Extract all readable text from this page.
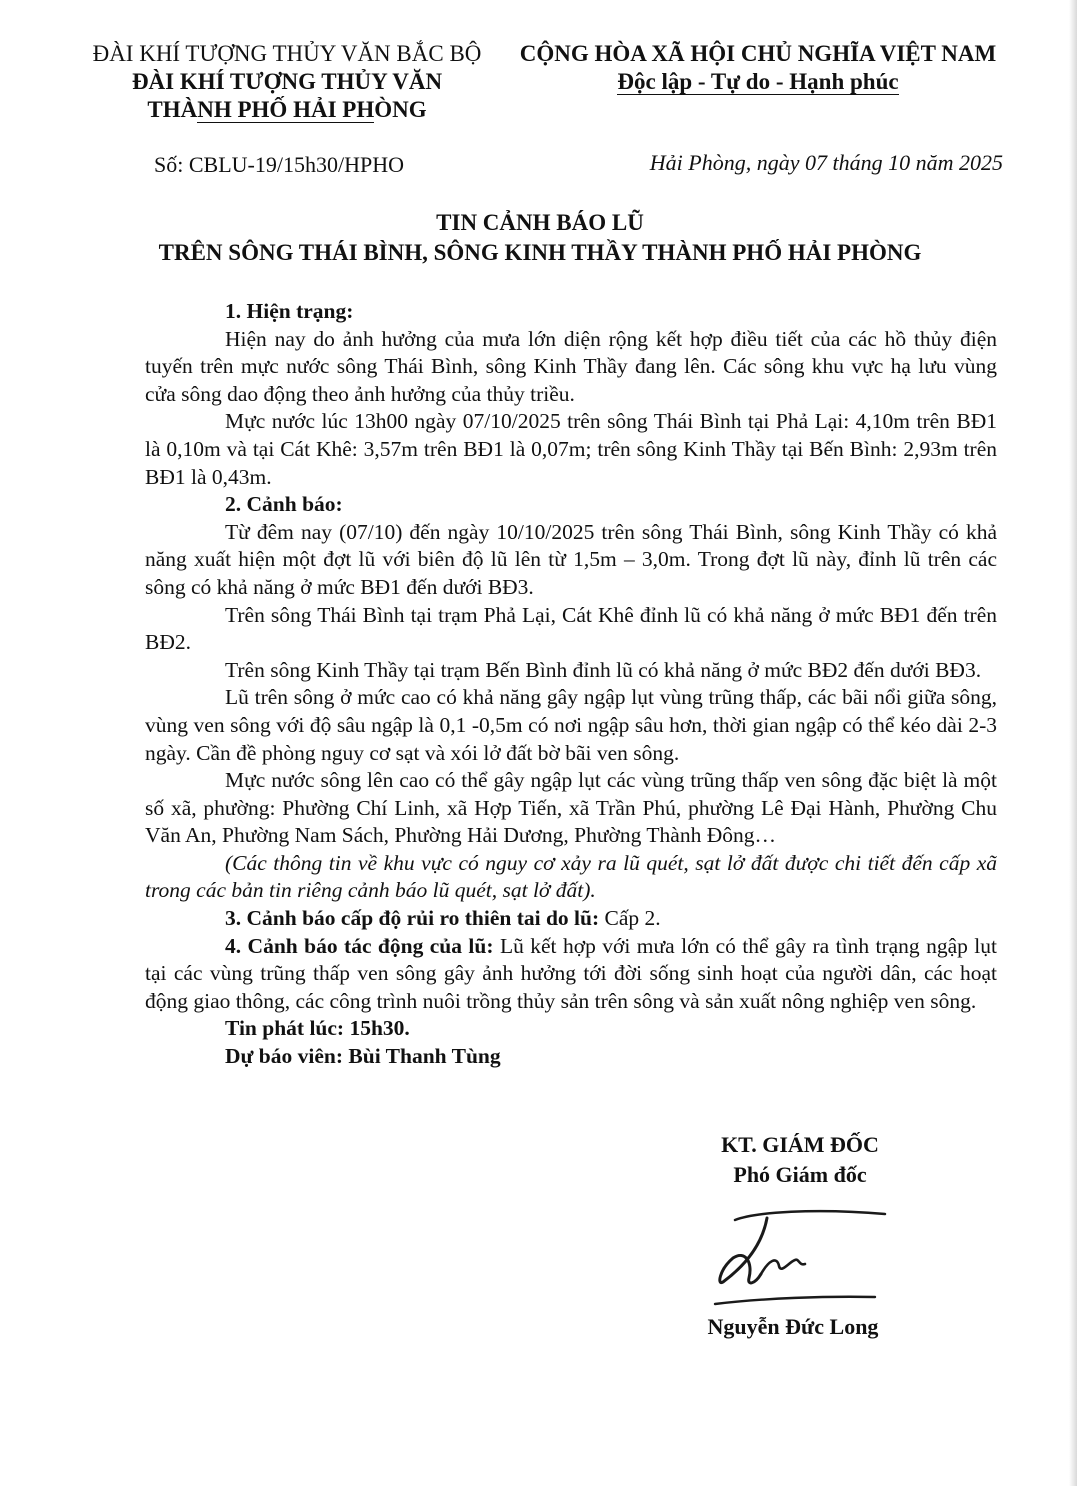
ĐÀI KHÍ TƯỢNG THỦY VĂN BẮC BỘ
ĐÀI KHÍ TƯỢNG THỦY VĂN
THÀNH PHỐ HẢI PHÒNG
CỘNG HÒA XÃ HỘI CHỦ NGHĨA VIỆT NAM
Độc lập - Tự do - Hạnh phúc
Số: CBLU-19/15h30/HPHO	Hải Phòng, ngày 07 tháng 10 năm 2025
TIN CẢNH BÁO LŨ
TRÊN SÔNG THÁI BÌNH, SÔNG KINH THẦY THÀNH PHỐ HẢI PHÒNG

1. Hiện trạng:

Hiện nay do ảnh hưởng của mưa lớn diện rộng kết hợp điều tiết của các hồ thủy điện tuyến trên mực nước sông Thái Bình, sông Kinh Thầy đang lên. Các sông khu vực hạ lưu vùng cửa sông dao động theo ảnh hưởng của thủy triều.

Mực nước lúc 13h00 ngày 07/10/2025 trên sông Thái Bình tại Phả Lại: 4,10m trên BĐ1 là 0,10m và tại Cát Khê: 3,57m trên BĐ1 là 0,07m; trên sông Kinh Thầy tại Bến Bình: 2,93m trên BĐ1 là 0,43m.

2. Cảnh báo:

Từ đêm nay (07/10) đến ngày 10/10/2025 trên sông Thái Bình, sông Kinh Thầy có khả năng xuất hiện một đợt lũ với biên độ lũ lên từ 1,5m – 3,0m. Trong đợt lũ này, đỉnh lũ trên các sông có khả năng ở mức BĐ1 đến dưới BĐ3.

Trên sông Thái Bình tại trạm Phả Lại, Cát Khê đỉnh lũ có khả năng ở mức BĐ1 đến trên BĐ2.

Trên sông Kinh Thầy tại trạm Bến Bình đỉnh lũ có khả năng ở mức BĐ2 đến dưới BĐ3.

Lũ trên sông ở mức cao có khả năng gây ngập lụt vùng trũng thấp, các bãi nổi giữa sông, vùng ven sông với độ sâu ngập là 0,1 -0,5m có nơi ngập sâu hơn, thời gian ngập có thể kéo dài 2-3 ngày. Cần đề phòng nguy cơ sạt và xói lở đất bờ bãi ven sông.

Mực nước sông lên cao có thể gây ngập lụt các vùng trũng thấp ven sông đặc biệt là một số xã, phường: Phường Chí Linh, xã Hợp Tiến, xã Trần Phú, phường Lê Đại Hành, Phường Chu Văn An, Phường Nam Sách, Phường Hải Dương, Phường Thành Đông…

(Các thông tin về khu vực có nguy cơ xảy ra lũ quét, sạt lở đất được chi tiết đến cấp xã trong các bản tin riêng cảnh báo lũ quét, sạt lở đất).

3. Cảnh báo cấp độ rủi ro thiên tai do lũ: Cấp 2.

4. Cảnh báo tác động của lũ: Lũ kết hợp với mưa lớn có thể gây ra tình trạng ngập lụt tại các vùng trũng thấp ven sông gây ảnh hưởng tới đời sống sinh hoạt của người dân, các hoạt động giao thông, các công trình nuôi trồng thủy sản trên sông và sản xuất nông nghiệp ven sông.

Tin phát lúc: 15h30.

Dự báo viên: Bùi Thanh Tùng

KT. GIÁM ĐỐC
Phó Giám đốc
Nguyễn Đức Long
